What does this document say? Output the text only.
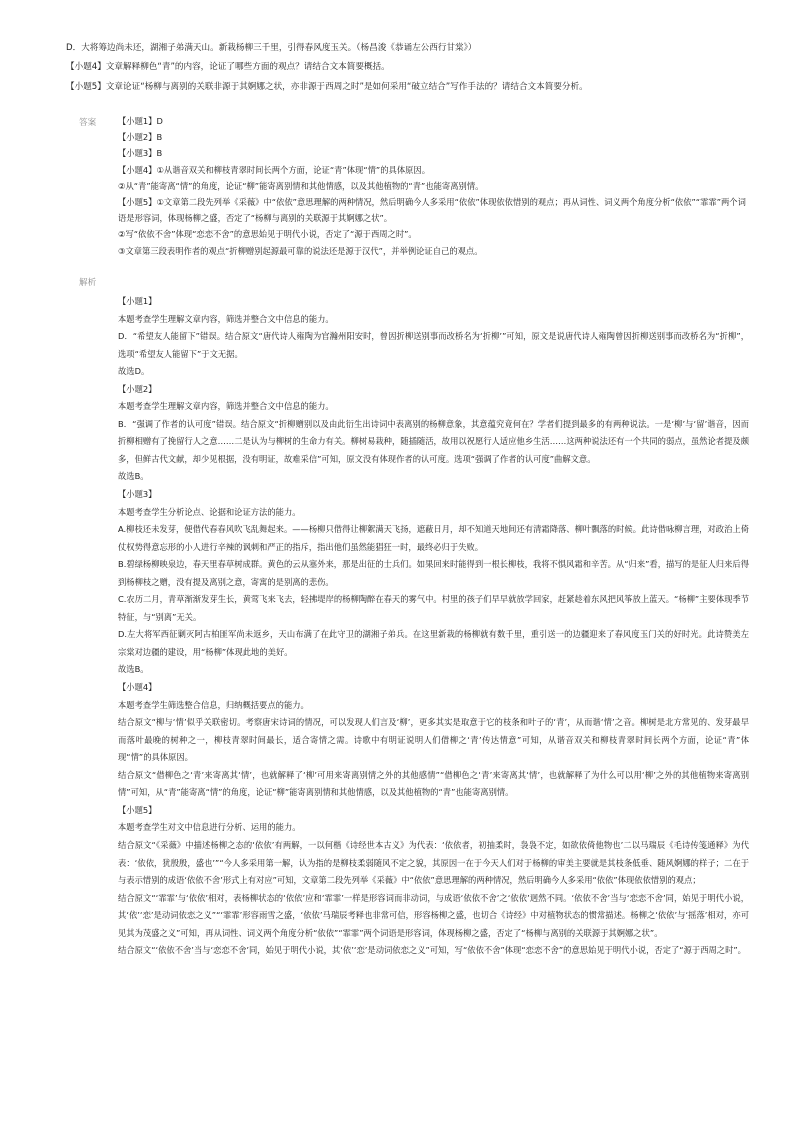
D．大将筹边尚未还，湖湘子弟满天山。新栽杨柳三千里，引得春风度玉关。（杨昌浚《恭诵左公西行甘棠》）
【小题4】文章解释柳色“青”的内容，论证了哪些方面的观点？请结合文本简要概括。
【小题5】文章论证“杨柳与离别的关联非源于其婀娜之状，亦非源于西周之时”是如何采用“破立结合”写作手法的？请结合文本简要分析。
答案	【小题1】D

【小题2】B

【小题3】B

【小题4】①从谐音双关和柳枝青翠时间长两个方面，论证“青”体现“情”的具体原因。

②从“青”能寄离“情”的角度，论证“柳”能寄离别情和其他情感，以及其他植物的“青”也能寄离别情。

【小题5】①文章第二段先列举《采薇》中“依依”意思理解的两种情况，然后明确今人多采用“依依”体现依依惜别的观点；再从词性、词义两个角度分析“依依”“霏霏”两个词语是形容词，体现杨柳之盛，否定了“杨柳与离别的关联源于其婀娜之状”。

②写“依依不舍”体现“恋恋不舍”的意思始见于明代小说，否定了“源于西周之时”。

③文章第三段表明作者的观点“折柳赠别起源最可靠的说法还是源于汉代”，并举例论证自己的观点。

解析

【小题1】

本题考查学生理解文章内容，筛选并整合文中信息的能力。

D．“希望友人能留下”错误。结合原文“唐代诗人雍陶为官瀚州阳安时，曾因折柳送别事而改桥名为‘折柳’”可知，原文是说唐代诗人雍陶曾因折柳送别事而改桥名为“折柳”，选项“希望友人能留下”于文无据。

故选D。

【小题2】

本题考查学生理解文章内容，筛选并整合文中信息的能力。

B．“强调了作者的认可度”错误。结合原文“折柳赠别以及由此衍生出诗词中表离别的杨柳意象，其意蕴究竟何在？学者们提到最多的有两种说法。一是‘柳’与‘留’谐音，因而折柳相赠有了挽留行人之意……二是认为与柳树的生命力有关。柳树易栽种，随插随活，故用以祝愿行人适应他乡生活……这两种说法还有一个共同的弱点，虽然论者提及颇多，但鲜古代文献，却少见根据，没有明证，故难采信”可知，原文没有体现作者的认可度。选项“强调了作者的认可度”曲解文意。

故选B。

【小题3】

本题考查学生分析论点、论据和论证方法的能力。

A.柳枝还未发芽，便借代春春风吹飞乱舞起来。——杨柳只借得让柳絮满天飞扬，遮蔽日月，却不知道天地间还有清霜降落、柳叶飘落的时候。此诗借咏柳言理，对政治上倚仗权势得意忘形的小人进行辛辣的讽刺和严正的指斥，指出他们虽然能猖狂一时，最终必归于失败。

B.碧绿杨柳映泉边，春天里春草树成群。黄色的云从塞外来，那是出征的士兵们。如果回来时能得到一根长柳枝，我将不惧风霜和辛苦。从“归来”看，描写的是征人归来后得到杨柳枝之赠，没有提及离别之意，寄寓的是别离的悲伤。

C.农历二月，青草渐渐发芽生长，黄莺飞来飞去，轻拂堤岸的杨柳陶醉在春天的雾气中。村里的孩子们早早就放学回家，赶紧趁着东风把风筝放上蓝天。“杨柳”主要体现季节特征，与“别离”无关。

D.左大将军西征剿灭阿古柏匪军尚未返乡，天山布满了在此守卫的湖湘子弟兵。在这里新栽的杨柳就有数千里，重引送一的边疆迎来了春风度玉门关的好时光。此诗赞美左宗棠对边疆的建设，用“杨柳”体现此地的美好。

故选B。

【小题4】

本题考查学生筛选整合信息，归纳概括要点的能力。

结合原文“柳与‘情’似乎关联密切。考察唐宋诗词的情况，可以发现人们言及‘柳’，更多其实是取意于它的枝条和叶子的‘青’，从而谐‘情’之音。柳树是北方常见的、发芽最早而落叶最晚的树种之一，柳枝青翠时间最长，适合寄情之需。诗歌中有明证说明人们借柳之‘青’传达情意”可知，从谐音双关和柳枝青翠时间长两个方面，论证“青”体现“情”的具体原因。

结合原文“借柳色之‘青’来寄离其‘情’，也就解释了‘柳’可用来寄离别情之外的其他感情”“借柳色之‘青’来寄离其‘情’，也就解释了为什么可以用‘柳’之外的其他植物来寄离别情”可知，从“青”能寄离“情”的角度，论证“柳”能寄离别情和其他情感，以及其他植物的“青”也能寄离别情。

【小题5】

本题考查学生对文中信息进行分析、运用的能力。

结合原文“《采薇》中描述杨柳之态的‘依依’有两解，一以何楷《诗经世本古义》为代表：‘依依者，初抽柔时，袅袅不定，如欲依倚他物也’二以马瑞辰《毛诗传笺通释》为代表：‘依依，犹殷殷，盛也’”“今人多采用第一解，认为指的是柳枝柔弱随风不定之貌，其原因一在于今天人们对于杨柳的审美主要就是其枝条低垂、随风婀娜的样子；二在于与表示惜别的成语‘依依不舍’形式上有对应”可知，文章第二段先列举《采薇》中“依依”意思理解的两种情况，然后明确今人多采用“依依”体现依依惜别的观点；

结合原文“‘霏霏’与‘依依’相对，表杨柳状态的‘依依’应和‘霏霏’一样是形容词而非动词，与成语‘依依不舍’之‘依依’迥然不同。‘依依不舍’当与‘恋恋不舍’同，始见于明代小说，其‘依’‘恋’是动词依恋之义”“‘霏霏’形容雨雪之盛，‘依依’马瑞辰考释也非常可信，形容杨柳之盛，也切合《诗经》中对植物状态的惯常描述。杨柳之‘依依’与‘摇落’相对，亦可见其为茂盛之义”可知，再从词性、词义两个角度分析“依依”“霏霏”两个词语是形容词，体现杨柳之盛，否定了“杨柳与离别的关联源于其婀娜之状”。

结合原文“‘依依不舍’当与‘恋恋不舍’同，始见于明代小说，其‘依’‘恋’是动词依恋之义”可知，写“依依不舍”体现“恋恋不舍”的意思始见于明代小说，否定了“源于西周之时”。
